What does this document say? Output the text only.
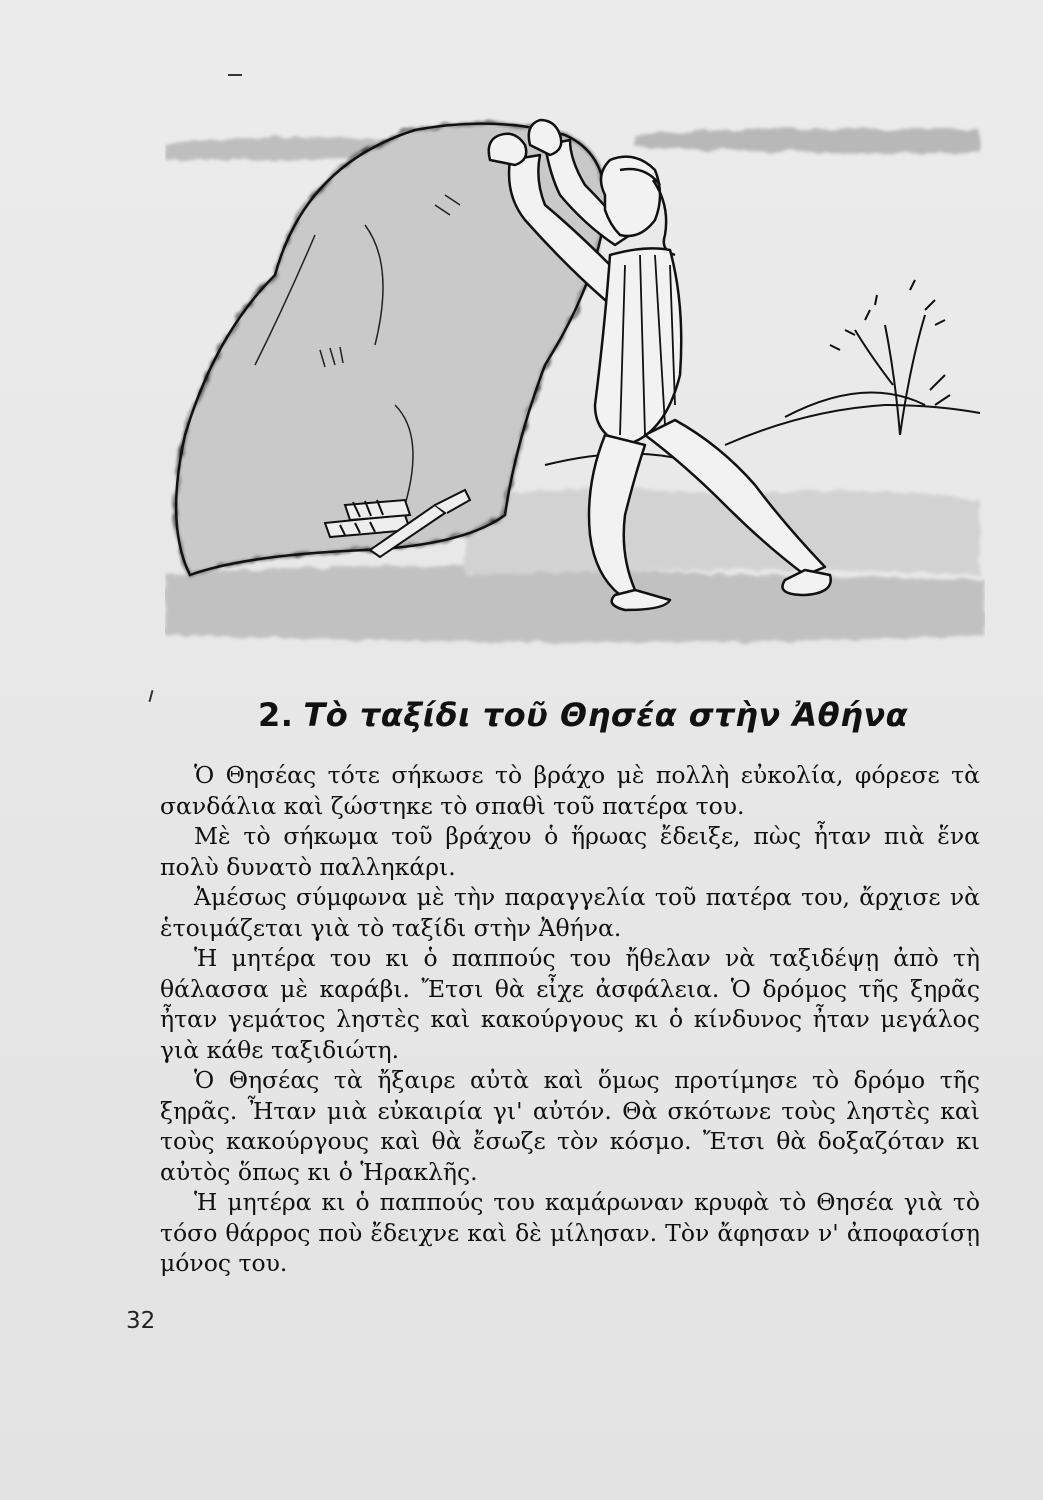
2. Τὸ ταξίδι τοῦ Θησέα στὴν Ἀθήνα

Ὁ Θησέας τότε σήκωσε τὸ βράχο μὲ πολλὴ εὐκολία, φόρεσε τὰ σανδάλια καὶ ζώστηκε τὸ σπαθὶ τοῦ πατέρα του.

Μὲ τὸ σήκωμα τοῦ βράχου ὁ ἥρωας ἔδειξε, πὼς ἦταν πιὰ ἕνα πολὺ δυνατὸ παλληκάρι.

Ἀμέσως σύμφωνα μὲ τὴν παραγγελία τοῦ πατέρα του, ἄρχισε νὰ ἑτοιμάζεται γιὰ τὸ ταξίδι στὴν Ἀθήνα.

Ἡ μητέρα του κι ὁ παππούς του ἤθελαν νὰ ταξιδέψῃ ἀπὸ τὴ θάλασσα μὲ καράβι. Ἔτσι θὰ εἶχε ἀσφάλεια. Ὁ δρόμος τῆς ξηρᾶς ἦταν γεμάτος ληστὲς καὶ κακούργους κι ὁ κίνδυνος ἦταν μεγάλος γιὰ κάθε ταξιδιώτη.

Ὁ Θησέας τὰ ἤξαιρε αὐτὰ καὶ ὅμως προτίμησε τὸ δρόμο τῆς ξηρᾶς. Ἦταν μιὰ εὐκαιρία γι' αὐτόν. Θὰ σκότωνε τοὺς ληστὲς καὶ τοὺς κακούργους καὶ θὰ ἔσωζε τὸν κόσμο. Ἔτσι θὰ δοξαζόταν κι αὐτὸς ὅπως κι ὁ Ἡρακλῆς.

Ἡ μητέρα κι ὁ παππούς του καμάρωναν κρυφὰ τὸ Θησέα γιὰ τὸ τόσο θάρρος ποὺ ἔδειχνε καὶ δὲ μίλησαν. Τὸν ἄφησαν ν' ἀποφασίσῃ μόνος του.

32
